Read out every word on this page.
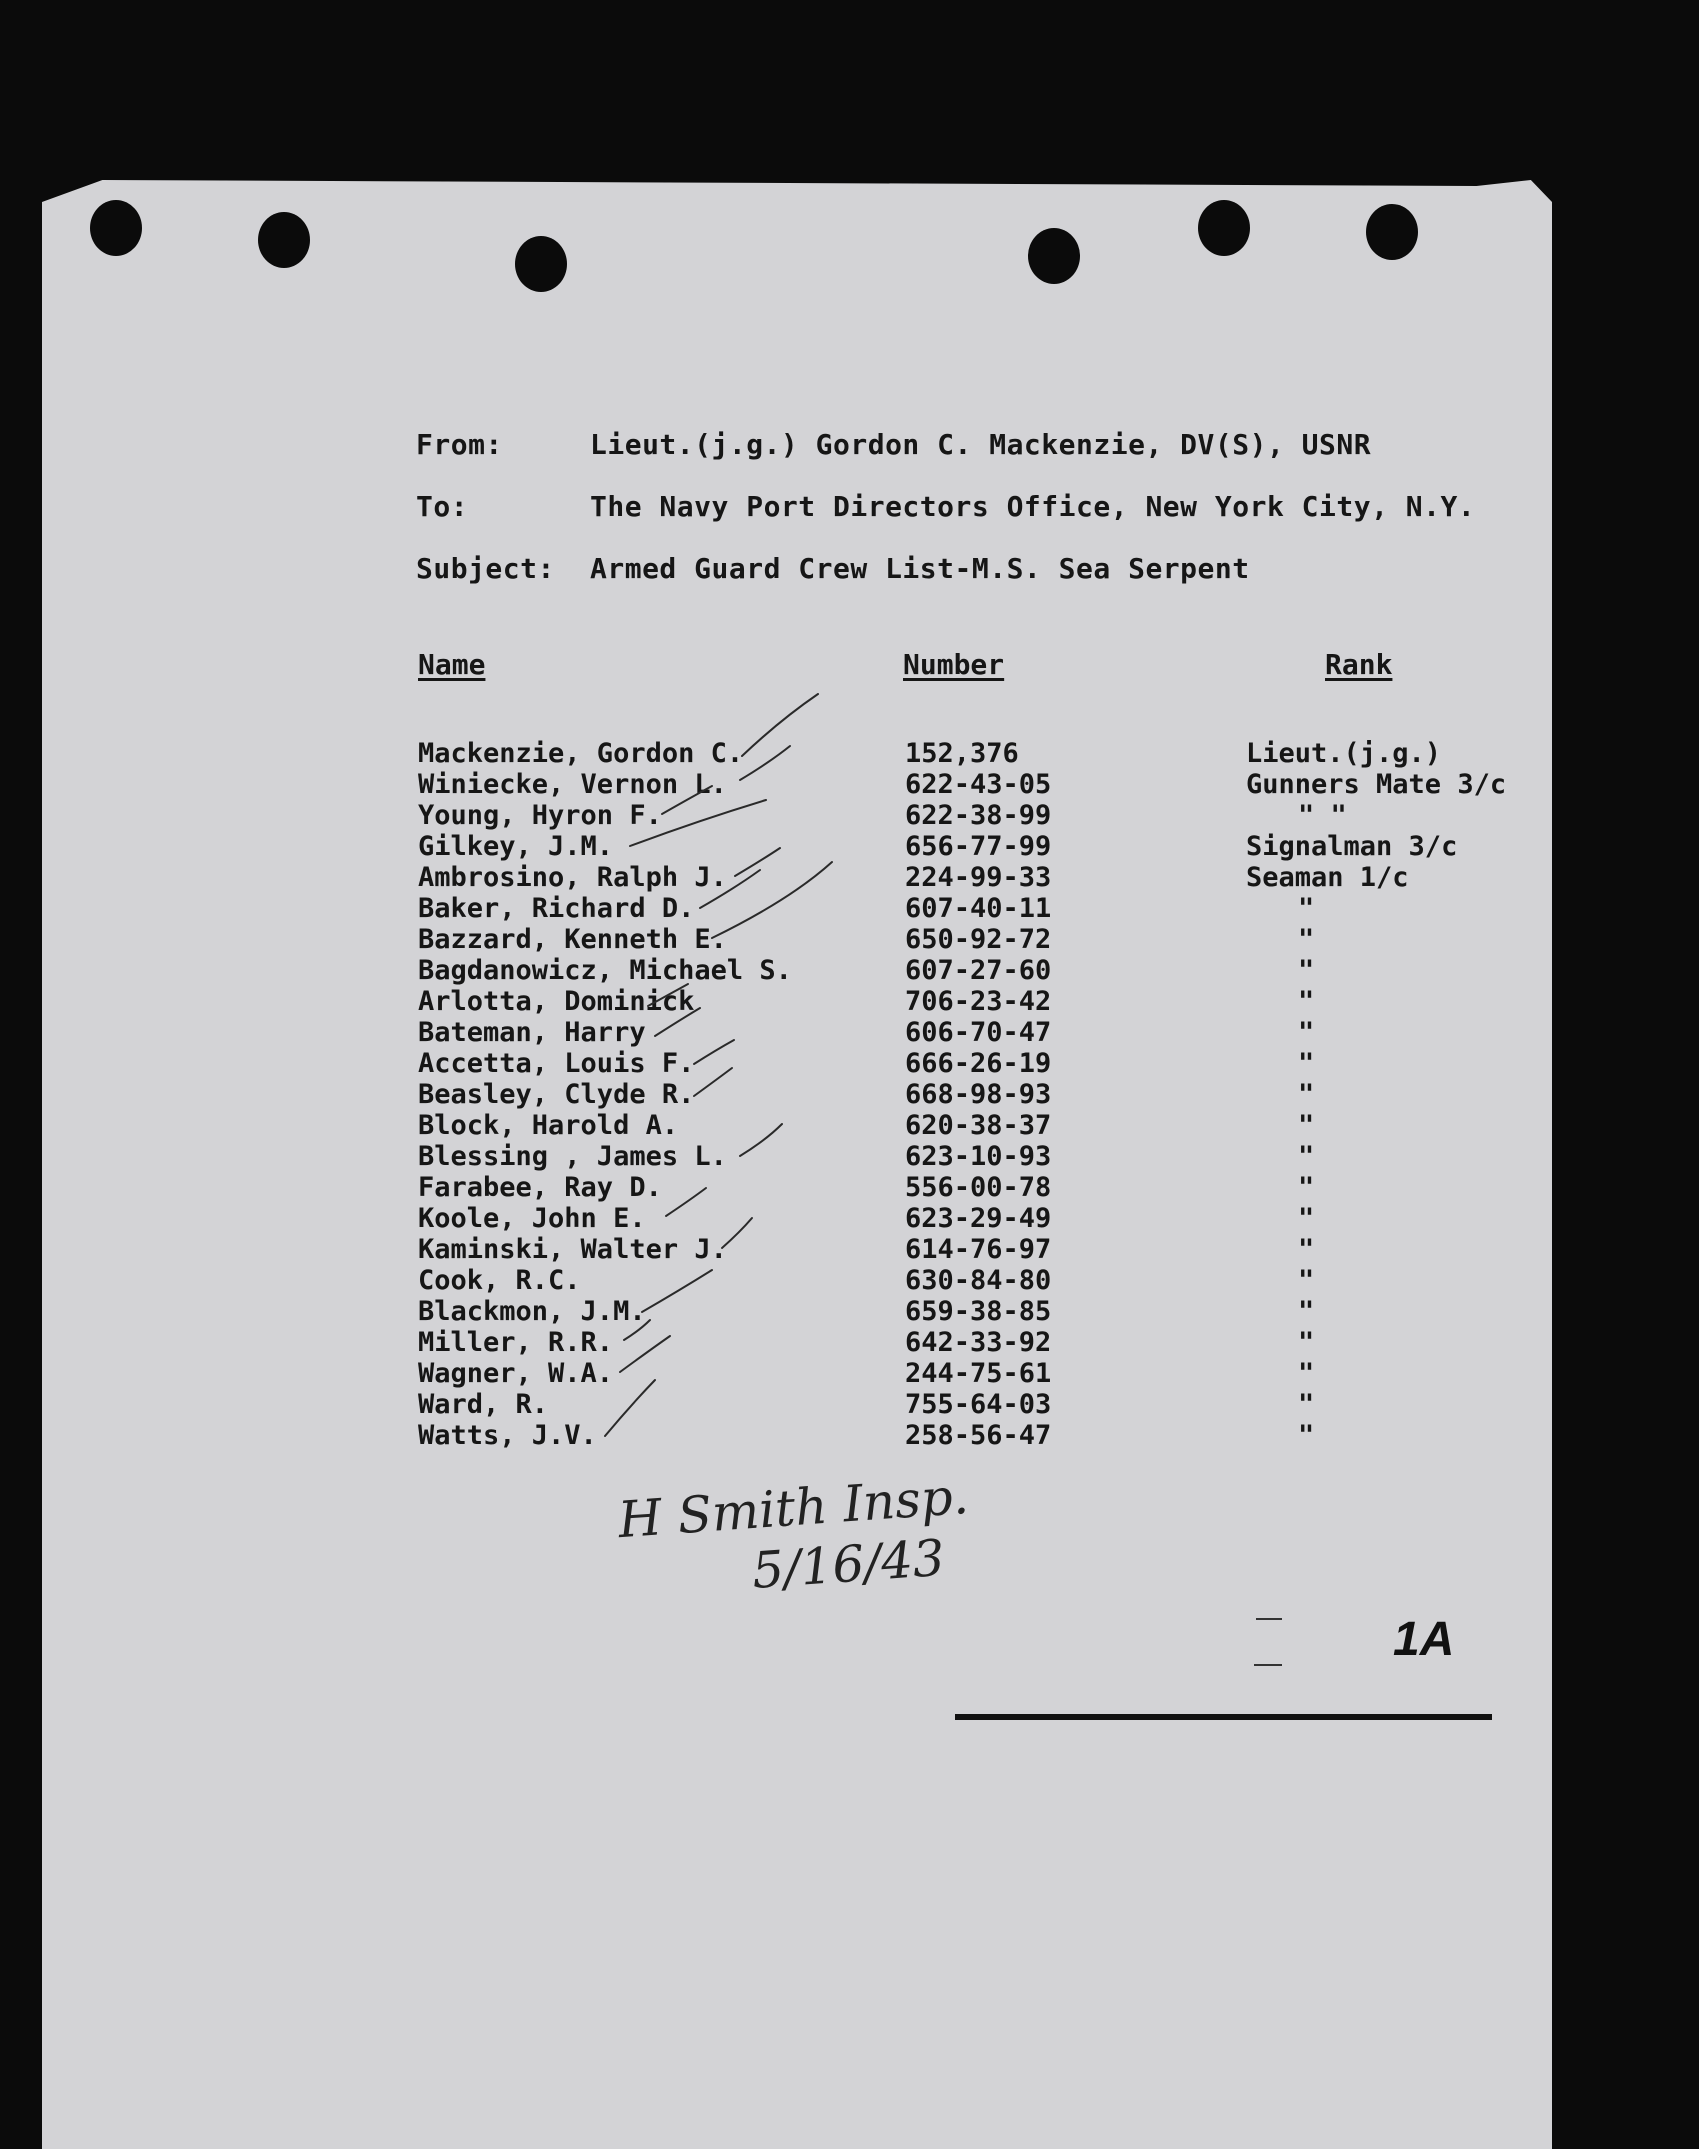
From:	Lieut.(j.g.) Gordon C. Mackenzie, DV(S), USNR
To:	The Navy Port Directors Office, New York City, N.Y.
Subject: Armed Guard Crew List-M.S. Sea Serpent
Name	Number	Rank
Mackenzie, Gordon C.	152,376	Lieut.(j.g.)
Winiecke, Vernon L.	622-43-05	Gunners Mate 3/c
Young, Hyron F.	622-38-99	" "
Gilkey, J.M.	656-77-99	Signalman 3/c
Ambrosino, Ralph J.	224-99-33	Seaman 1/c
Baker, Richard D.	607-40-11	"
Bazzard, Kenneth E.	650-92-72	"
Bagdanowicz, Michael S.	607-27-60	"
Arlotta, Dominick	706-23-42	"
Bateman, Harry	606-70-47	"
Accetta, Louis F.	666-26-19	"
Beasley, Clyde R.	668-98-93	"
Block, Harold A.	620-38-37	"
Blessing , James L.	623-10-93	"
Farabee, Ray D.	556-00-78	"
Koole, John E.	623-29-49	"
Kaminski, Walter J.	614-76-97	"
Cook, R.C.	630-84-80	"
Blackmon, J.M.	659-38-85	"
Miller, R.R.	642-33-92	"
Wagner, W.A.	244-75-61	"
Ward, R.	755-64-03	"
Watts, J.V.	258-56-47	"
H Smith Insp.
5/16/43
1A
